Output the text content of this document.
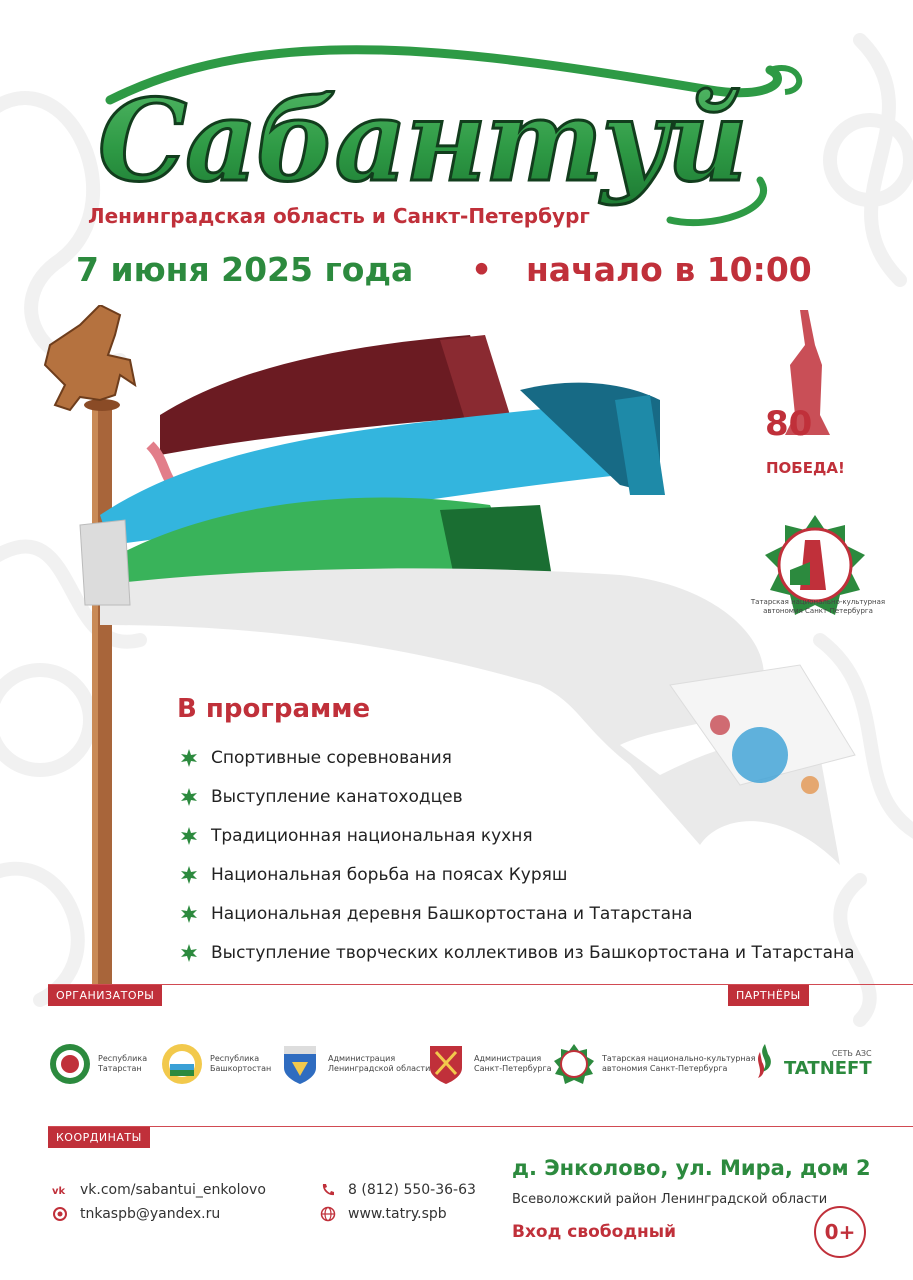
Сабантуй
Ленинградская область и Санкт-Петербург
7 июня 2025 года • начало в 10:00
80
ПОБЕДА!
Татарская национально-культурная автономия Санкт-Петербурга
В программе
Спортивные соревнования
Выступление канатоходцев
Традиционная национальная кухня
Национальная борьба на поясах Куряш
Национальная деревня Башкортостана и Татарстана
Выступление творческих коллективов из Башкортостана и Татарстана
ОРГАНИЗАТОРЫ	ПАРТНЁРЫ
Республика
Татарстан
Республика
Башкортостан
Администрация
Ленинградской области
Администрация
Санкт-Петербурга
Татарская национально-культурная
автономия Санкт-Петербурга
СЕТЬ АЗС
TATNEFT
КООРДИНАТЫ
vk vk.com/sabantui_enkolovo
tnkaspb@yandex.ru
8 (812) 550-36-63
www.tatry.spb
д. Энколово, ул. Мира, дом 2
Всеволожский район Ленинградской области
Вход свободный	0+
